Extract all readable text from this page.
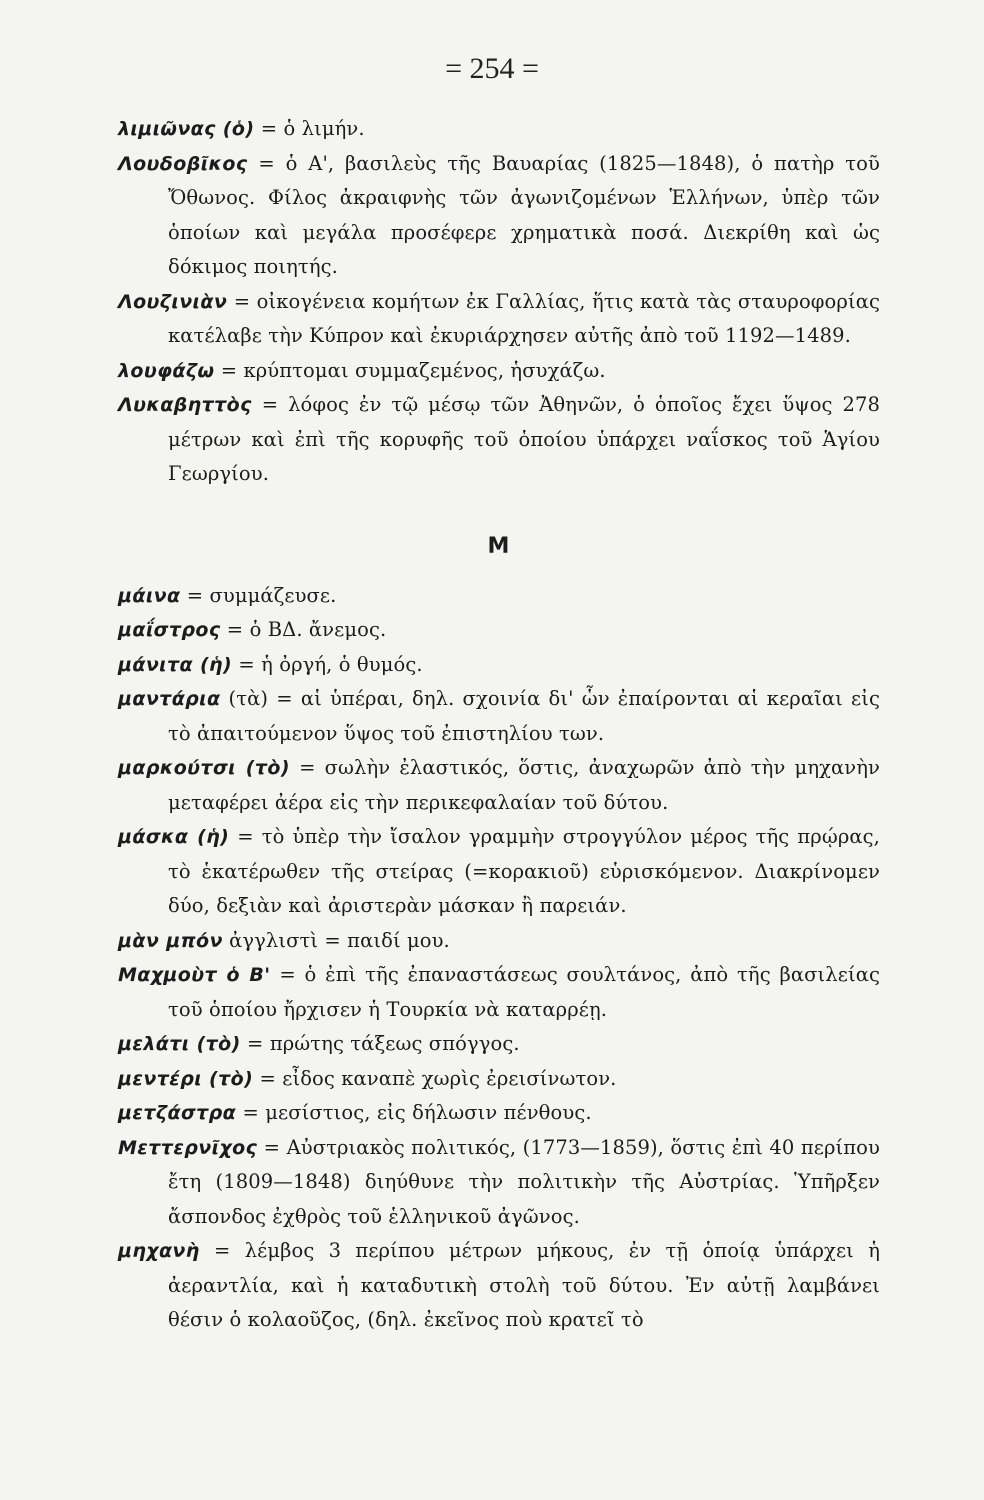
= 254 =
λιμιῶνας (ὁ) = ὁ λιμήν.
Λουδοβῖκος = ὁ Α', βασιλεὺς τῆς Βαυαρίας (1825—1848), ὁ πατὴρ τοῦ Ὄθωνος. Φίλος ἀκραιφνὴς τῶν ἀγωνιζομένων Ἑλλήνων, ὑπὲρ τῶν ὁποίων καὶ μεγάλα προσέφερε χρηματικὰ ποσά. Διεκρίθη καὶ ὡς δόκιμος ποιητής.
Λουζινιὰν = οἰκογένεια κομήτων ἐκ Γαλλίας, ἥτις κατὰ τὰς σταυροφορίας κατέλαβε τὴν Κύπρον καὶ ἐκυριάρχησεν αὐτῆς ἀπὸ τοῦ 1192—1489.
λουφάζω = κρύπτομαι συμμαζεμένος, ἡσυχάζω.
Λυκαβηττὸς = λόφος ἐν τῷ μέσῳ τῶν Ἀθηνῶν, ὁ ὁποῖος ἔχει ὕψος 278 μέτρων καὶ ἐπὶ τῆς κορυφῆς τοῦ ὁποίου ὑπάρχει ναΐσκος τοῦ Ἁγίου Γεωργίου.
Μ
μάινα = συμμάζευσε.
μαΐστρος = ὁ ΒΔ. ἄνεμος.
μάνιτα (ἡ) = ἡ ὀργή, ὁ θυμός.
μαντάρια (τὰ) = αἱ ὑπέραι, δηλ. σχοινία δι' ὧν ἐπαίρονται αἱ κεραῖαι εἰς τὸ ἀπαιτούμενον ὕψος τοῦ ἐπιστηλίου των.
μαρκούτσι (τὸ) = σωλὴν ἐλαστικός, ὅστις, ἀναχωρῶν ἀπὸ τὴν μηχανὴν μεταφέρει ἀέρα εἰς τὴν περικεφαλαίαν τοῦ δύτου.
μάσκα (ἡ) = τὸ ὑπὲρ τὴν ἴσαλον γραμμὴν στρογγύλον μέρος τῆς πρῴρας, τὸ ἑκατέρωθεν τῆς στείρας (=κορακιοῦ) εὑρισκόμενον. Διακρίνομεν δύο, δεξιὰν καὶ ἀριστερὰν μάσκαν ἢ παρειάν.
μὰν μπόν ἀγγλιστὶ = παιδί μου.
Μαχμοὺτ ὁ Β' = ὁ ἐπὶ τῆς ἐπαναστάσεως σουλτάνος, ἀπὸ τῆς βασιλείας τοῦ ὁποίου ἤρχισεν ἡ Τουρκία νὰ καταρρέῃ.
μελάτι (τὸ) = πρώτης τάξεως σπόγγος.
μεντέρι (τὸ) = εἶδος καναπὲ χωρὶς ἐρεισίνωτον.
μετζάστρα = μεσίστιος, εἰς δήλωσιν πένθους.
Μεττερνῖχος = Αὐστριακὸς πολιτικός, (1773—1859), ὅστις ἐπὶ 40 περίπου ἔτη (1809—1848) διηύθυνε τὴν πολιτικὴν τῆς Αὐστρίας. Ὑπῆρξεν ἄσπονδος ἐχθρὸς τοῦ ἑλληνικοῦ ἀγῶνος.
μηχανὴ = λέμβος 3 περίπου μέτρων μήκους, ἐν τῇ ὁποίᾳ ὑπάρχει ἡ ἀεραντλία, καὶ ἡ καταδυτικὴ στολὴ τοῦ δύτου. Ἐν αὐτῇ λαμβάνει θέσιν ὁ κολαοῦζος, (δηλ. ἐκεῖνος ποὺ κρατεῖ τὸ
